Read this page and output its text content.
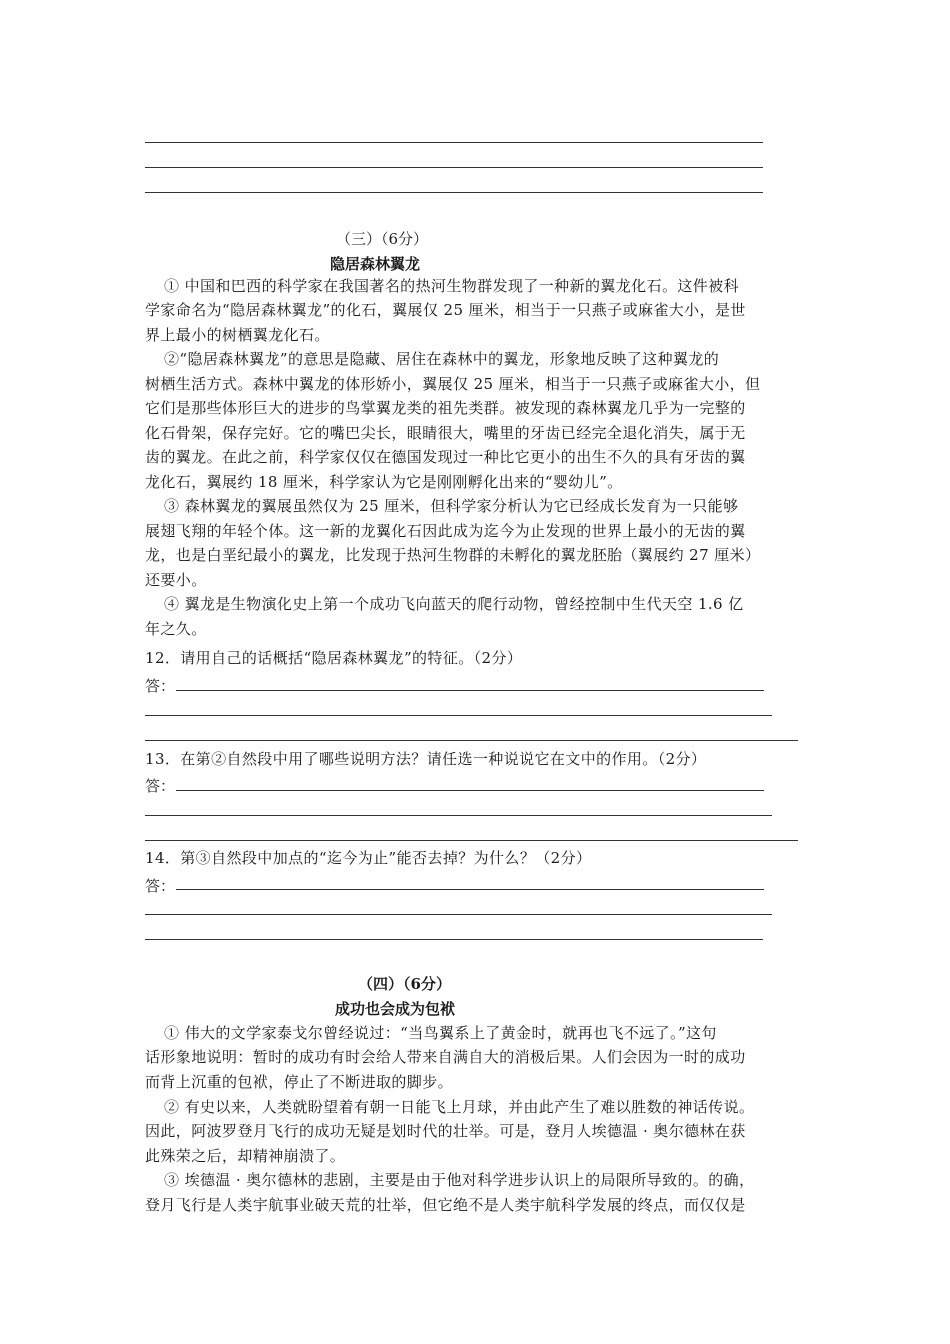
（三）（6分）
隐居森林翼龙
① 中国和巴西的科学家在我国著名的热河生物群发现了一种新的翼龙化石。这件被科
学家命名为“隐居森林翼龙”的化石，翼展仅 25 厘米，相当于一只燕子或麻雀大小，是世
界上最小的树栖翼龙化石。
②“隐居森林翼龙”的意思是隐藏、居住在森林中的翼龙，形象地反映了这种翼龙的
树栖生活方式。森林中翼龙的体形娇小，翼展仅 25 厘米，相当于一只燕子或麻雀大小，但
它们是那些体形巨大的进步的鸟掌翼龙类的祖先类群。被发现的森林翼龙几乎为一完整的
化石骨架，保存完好。它的嘴巴尖长，眼睛很大，嘴里的牙齿已经完全退化消失，属于无
齿的翼龙。在此之前，科学家仅仅在德国发现过一种比它更小的出生不久的具有牙齿的翼
龙化石，翼展约 18 厘米，科学家认为它是刚刚孵化出来的“婴幼儿”。
③ 森林翼龙的翼展虽然仅为 25 厘米，但科学家分析认为它已经成长发育为一只能够
展翅飞翔的年轻个体。这一新的龙翼化石因此成为迄今为止发现的世界上最小的无齿的翼
龙，也是白垩纪最小的翼龙，比发现于热河生物群的未孵化的翼龙胚胎（翼展约 27 厘米）
还要小。
④ 翼龙是生物演化史上第一个成功飞向蓝天的爬行动物，曾经控制中生代天空 1.6 亿
年之久。
12．请用自己的话概括“隐居森林翼龙”的特征。（2分）
答：
13．在第②自然段中用了哪些说明方法？请任选一种说说它在文中的作用。（2分）
答：
14．第③自然段中加点的“迄今为止”能否去掉？为什么？（2分）
答：
（四）（6分）
成功也会成为包袱
① 伟大的文学家泰戈尔曾经说过：“当鸟翼系上了黄金时，就再也飞不远了。”这句
话形象地说明：暂时的成功有时会给人带来自满自大的消极后果。人们会因为一时的成功
而背上沉重的包袱，停止了不断进取的脚步。
② 有史以来，人类就盼望着有朝一日能飞上月球，并由此产生了难以胜数的神话传说。
因此，阿波罗登月飞行的成功无疑是划时代的壮举。可是，登月人埃德温 · 奥尔德林在获
此殊荣之后，却精神崩溃了。
③ 埃德温 · 奥尔德林的悲剧，主要是由于他对科学进步认识上的局限所导致的。的确，
登月飞行是人类宇航事业破天荒的壮举，但它绝不是人类宇航科学发展的终点，而仅仅是
